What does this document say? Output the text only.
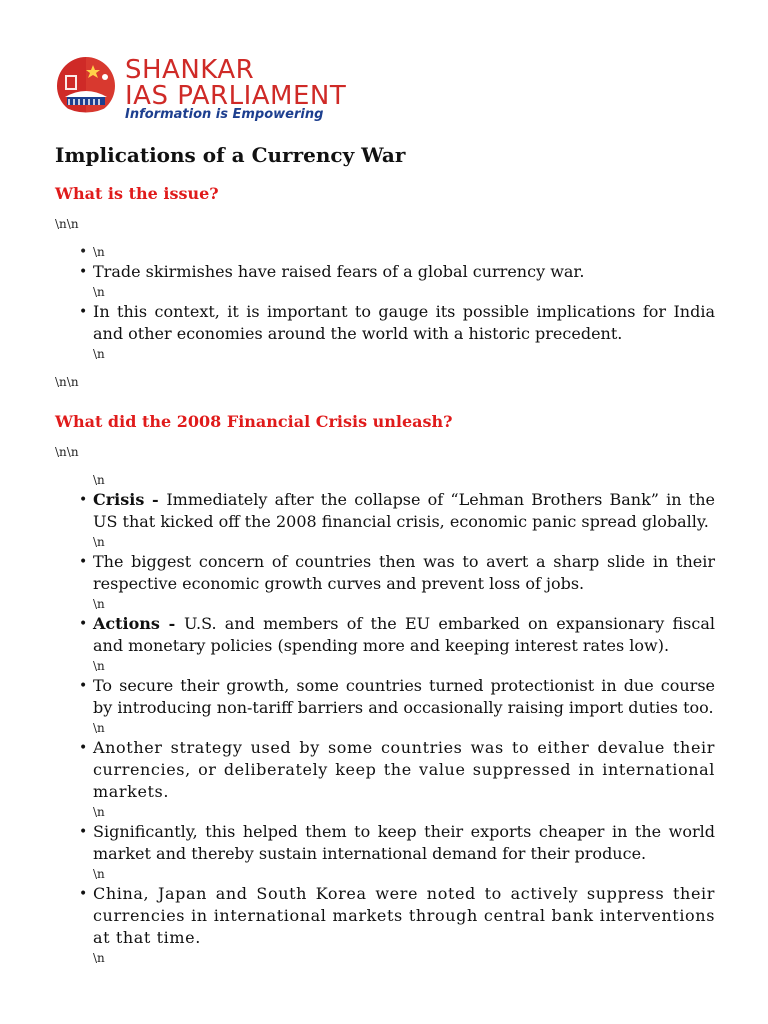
SHANKAR
IAS PARLIAMENT
Information is Empowering
Implications of a Currency War
What is the issue?

\n\n

• \n
• Trade skirmishes have raised fears of a global currency war.

\n

• In this context, it is important to gauge its possible implications for India and other economies around the world with a historic precedent.

\n

\n\n

What did the 2008 Financial Crisis unleash?

\n\n

\n

• Crisis - Immediately after the collapse of “Lehman Brothers Bank” in the US that kicked off the 2008 financial crisis, economic panic spread globally.

\n

• The biggest concern of countries then was to avert a sharp slide in their respective economic growth curves and prevent loss of jobs.

\n

• Actions - U.S. and members of the EU embarked on expansionary fiscal and monetary policies (spending more and keeping interest rates low).

\n

• To secure their growth, some countries turned protectionist in due course by introducing non-tariff barriers and occasionally raising import duties too.

\n

• Another strategy used by some countries was to either devalue their currencies, or deliberately keep the value suppressed in international markets.

\n

• Significantly, this helped them to keep their exports cheaper in the world market and thereby sustain international demand for their produce.

\n

• China, Japan and South Korea were noted to actively suppress their currencies in international markets through central bank interventions at that time.

\n
